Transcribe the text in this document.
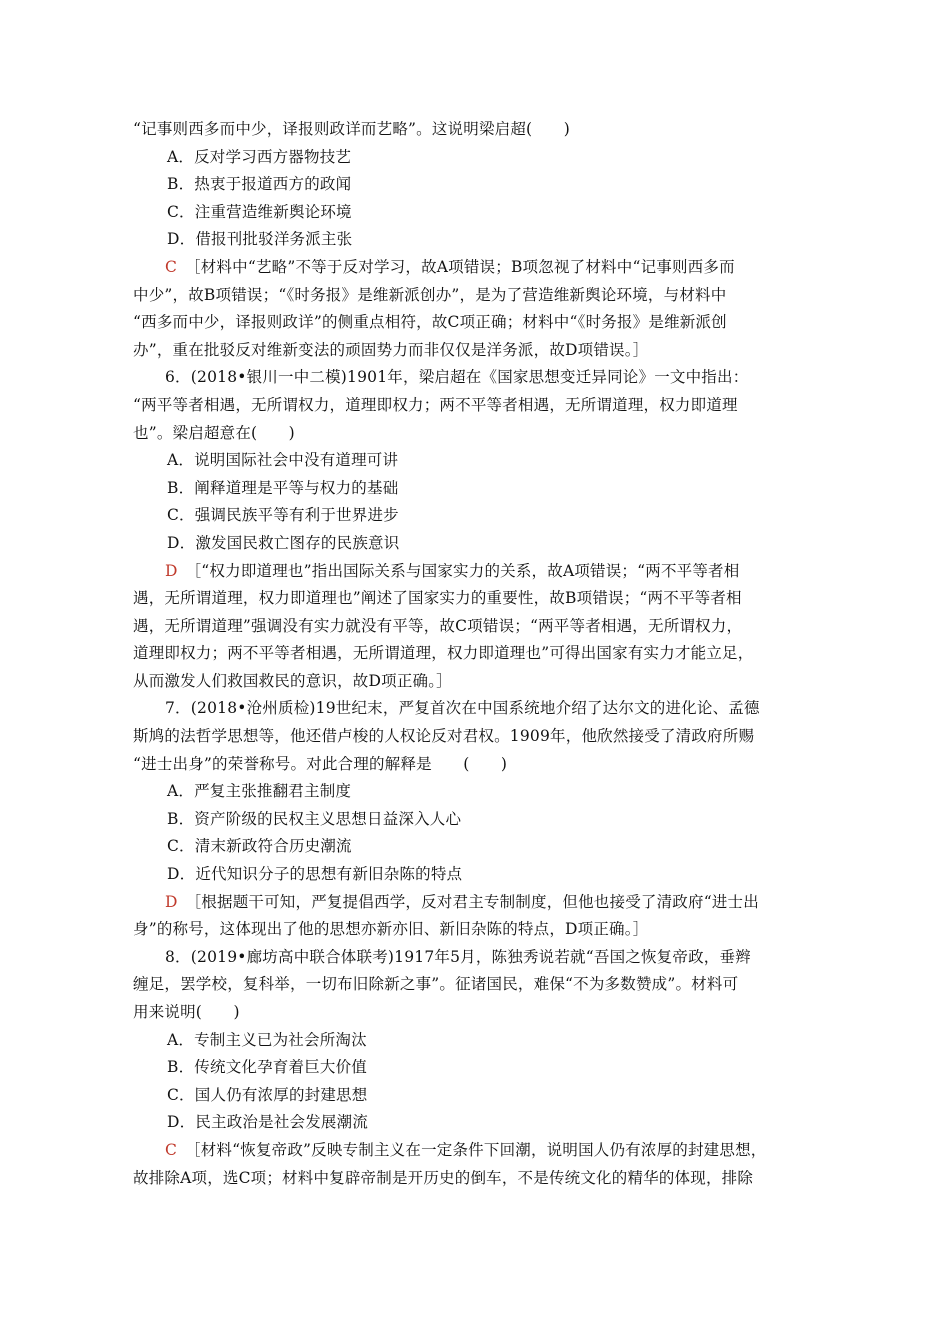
“记事则西多而中少，译报则政详而艺略”。这说明梁启超(　　)
A．反对学习西方器物技艺
B．热衷于报道西方的政闻
C．注重营造维新舆论环境
D．借报刊批驳洋务派主张
C　 ［材料中“艺略”不等于反对学习，故A项错误；B项忽视了材料中“记事则西多而
中少”，故B项错误；“《时务报》是维新派创办”，是为了营造维新舆论环境，与材料中
“西多而中少，译报则政详”的侧重点相符，故C项正确；材料中“《时务报》是维新派创
办”，重在批驳反对维新变法的顽固势力而非仅仅是洋务派，故D项错误。］
6．(2018•银川一中二模)1901年，梁启超在《国家思想变迁异同论》一文中指出：
“两平等者相遇，无所谓权力，道理即权力；两不平等者相遇，无所谓道理，权力即道理
也”。梁启超意在(　　)
A．说明国际社会中没有道理可讲
B．阐释道理是平等与权力的基础
C．强调民族平等有利于世界进步
D．激发国民救亡图存的民族意识
D　 ［“权力即道理也”指出国际关系与国家实力的关系，故A项错误；“两不平等者相
遇，无所谓道理，权力即道理也”阐述了国家实力的重要性，故B项错误；“两不平等者相
遇，无所谓道理”强调没有实力就没有平等，故C项错误；“两平等者相遇，无所谓权力，
道理即权力；两不平等者相遇，无所谓道理，权力即道理也”可得出国家有实力才能立足，
从而激发人们救国救民的意识，故D项正确。］
7．(2018•沧州质检)19世纪末，严复首次在中国系统地介绍了达尔文的进化论、孟德
斯鸠的法哲学思想等，他还借卢梭的人权论反对君权。1909年，他欣然接受了清政府所赐
“进士出身”的荣誉称号。对此合理的解释是　　(　　)
A．严复主张推翻君主制度
B．资产阶级的民权主义思想日益深入人心
C．清末新政符合历史潮流
D．近代知识分子的思想有新旧杂陈的特点
D　 ［根据题干可知，严复提倡西学，反对君主专制制度，但他也接受了清政府“进士出
身”的称号，这体现出了他的思想亦新亦旧、新旧杂陈的特点，D项正确。］
8．(2019•廊坊高中联合体联考)1917年5月，陈独秀说若就“吾国之恢复帝政，垂辫
缠足，罢学校，复科举，一切布旧除新之事”。征诸国民，难保“不为多数赞成”。材料可
用来说明(　　)
A．专制主义已为社会所淘汰
B．传统文化孕育着巨大价值
C．国人仍有浓厚的封建思想
D．民主政治是社会发展潮流
C　 ［材料“恢复帝政”反映专制主义在一定条件下回潮，说明国人仍有浓厚的封建思想，
故排除A项，选C项；材料中复辟帝制是开历史的倒车，不是传统文化的精华的体现，排除
